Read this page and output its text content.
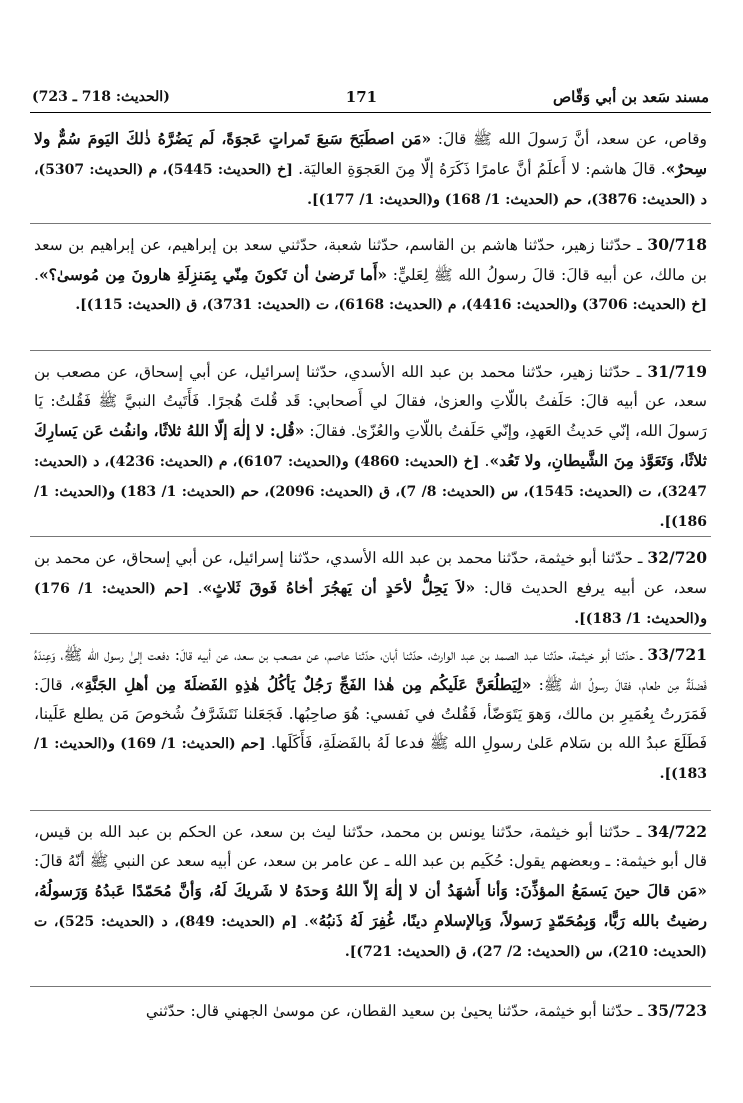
مسند سَعد بن أبي وَقّاص
171
(الحديث: 718 ـ 723)
وقاص، عن سعد، أنَّ رَسولَ الله ﷺ قالَ: «مَن اصطَبَحَ سَبعَ تَمراتٍ عَجوَةً، لَم يَضُرَّهُ ذٰلكَ اليَومَ سُمٌّ ولا سِحرٌ». قالَ هاشم: لا أَعلَمُ أنَّ عامرًا ذَكَرَهُ إلّا مِنَ العَجوَةِ العاليَة. [خ (الحديث: 5445)، م (الحديث: 5307)، د (الحديث: 3876)، حم (الحديث: 1/ 168) و(الحديث: 1/ 177)].
30/718 ـ حدّثنا زهير، حدّثنا هاشم بن القاسم، حدّثنا شعبة، حدّثني سعد بن إبراهيم، عن إبراهيم بن سعد بن مالك، عن أبيه قالَ: قالَ رسولُ الله ﷺ لِعَليٍّ: «أَما تَرضىٰ أن تَكونَ مِنّي بِمَنزِلَةِ هارونَ مِن مُوسىٰ؟». [خ (الحديث: 3706) و(الحديث: 4416)، م (الحديث: 6168)، ت (الحديث: 3731)، ق (الحديث: 115)].
31/719 ـ حدّثنا زهير، حدّثنا محمد بن عبد الله الأسدي، حدّثنا إسرائيل، عن أبي إسحاق، عن مصعب بن سعد، عن أبيه قالَ: حَلَفتُ باللّاتِ والعزىٰ، فقالَ لي أَصحابي: قَد قُلتَ هُجرًا. فَأَتَيتُ النبيَّ ﷺ فَقُلتُ: يَا رَسولَ الله، إنّي حَديثُ العَهدِ، وإنّي حَلَفتُ باللّاتِ والعُزّىٰ. فقالَ: «قُل: لا إلٰهَ إلّا اللهُ ثلاثًا، وانفُث عَن يَسارِكَ ثلاثًا، وَتَعَوَّذ مِنَ الشَّيطانِ، ولا تَعُد». [خ (الحديث: 4860) و(الحديث: 6107)، م (الحديث: 4236)، د (الحديث: 3247)، ت (الحديث: 1545)، س (الحديث: 8/ 7)، ق (الحديث: 2096)، حم (الحديث: 1/ 183) و(الحديث: 1/ 186)].
32/720 ـ حدّثنا أبو خيثمة، حدّثنا محمد بن عبد الله الأسدي، حدّثنا إسرائيل، عن أبي إسحاق، عن محمد بن سعد، عن أبيه يرفع الحديث قال: «لاَ يَحِلُّ لأحَدٍ أن يَهجُرَ أخاهُ فَوقَ ثَلاثٍ». [حم (الحديث: 1/ 176) و(الحديث: 1/ 183)].
33/721 ـ حدّثنا أبو خيثمة، حدّثنا عبد الصمد بن عبد الوارث، حدّثنا أبان، حدّثنا عاصم، عن مصعب بن سعد، عن أبيه قالَ: دفعت إلىٰ رسول الله ﷺ، وَعِندَهُ فَضلَةٌ مِن طعام، فقالَ رسولُ الله ﷺ: «لِيَطلُعَنَّ عَلَيكُم مِن هٰذا الفَجِّ رَجُلٌ يَأكُلُ هٰذِهِ الفَضلَةَ مِن أهلِ الجَنَّةِ»، قالَ: فَمَرَرتُ بِعُمَيرِ بن مالك، وَهوَ يَتَوَضّأ، فَقُلتُ في نَفسي: هُوَ صاحِبُها. فَجَعَلنا نَتَشَرَّفُ شُخوصَ مَن يطلع عَلَينا، فَطَلَعَ عبدُ الله بن سَلام عَلىٰ رسولِ الله ﷺ فدعا لَهُ بالفَضلَةِ، فَأَكَلَها. [حم (الحديث: 1/ 169) و(الحديث: 1/ 183)].
34/722 ـ حدّثنا أبو خيثمة، حدّثنا يونس بن محمد، حدّثنا ليث بن سعد، عن الحكم بن عبد الله بن قيس، قال أبو خيثمة: ـ وبعضهم يقول: حُكَيم بن عبد الله ـ عن عامر بن سعد، عن أبيه سعد عن النبي ﷺ أنّهُ قالَ: «مَن قالَ حينَ يَسمَعُ المؤذِّنَ: وَأنا أَشهَدُ أن لا إلٰهَ إلاّ اللهُ وَحدَهُ لا شَريكَ لَهُ، وَأنَّ مُحَمّدًا عَبدُهُ وَرَسولُهُ، رضيتُ بالله رَبًّا، وَبِمُحَمّدٍ رَسولاً، وَبِالإسلامِ دينًا، غُفِرَ لَهُ ذَنبُهُ». [م (الحديث: 849)، د (الحديث: 525)، ت (الحديث: 210)، س (الحديث: 2/ 27)، ق (الحديث: 721)].
35/723 ـ حدّثنا أبو خيثمة، حدّثنا يحيىٰ بن سعيد القطان، عن موسىٰ الجهني قال: حدّثني
